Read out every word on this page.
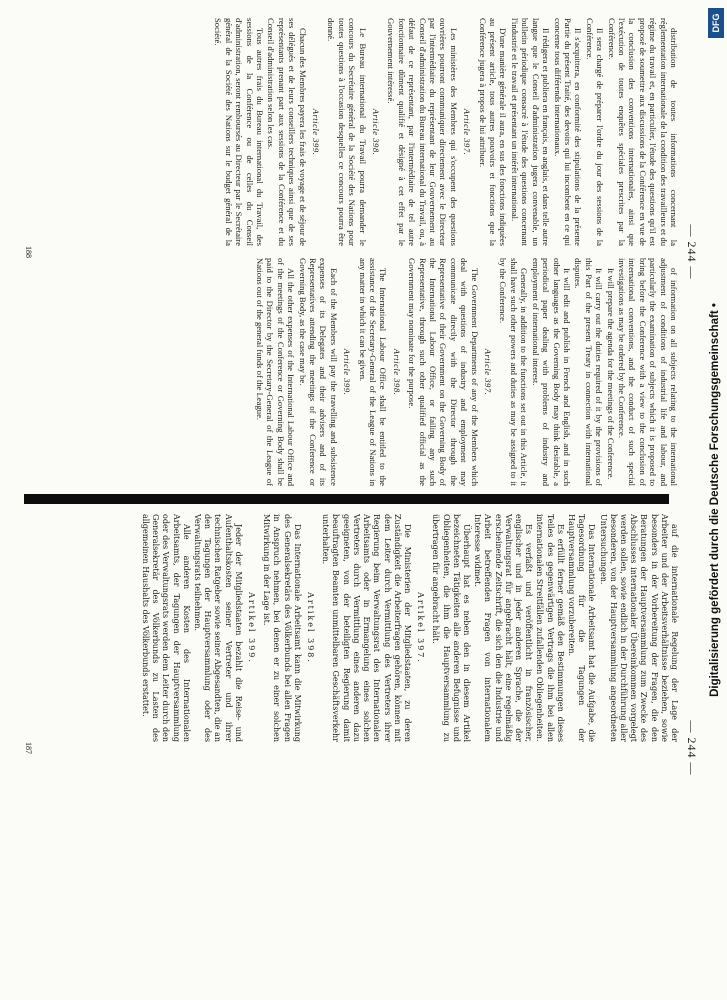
— 244 —

distribution de toutes informations concernant la réglementation internationale de la condition des travailleurs et du régime du travail et, en particulier, l'étude des questions qu'il est proposé de soumettre aux discussions de la Conférence en vue de la conclusion des conventions internationales, ainsi que l'exécution de toutes enquêtes spéciales prescrites par la Conférence.

Il sera chargé de préparer l'ordre du jour des sessions de la Conférence.

Il s'acquittera, en conformité des stipulations de la présente Partie du présent Traité, des devoirs qui lui incombent en ce qui concerne tous différends internationaux.

Il rédigera et publiera en français, en anglais, et dans telle autre langue que le Conseil d'administration jugera convenable, un bulletin périodique consacré à l'étude des questions concernant l'industrie et le travail et présentant un intérêt international.

D'une manière générale il aura, en sus des fonctions indiquées au présent article, tous autres pouvoirs et fonctions que la Conférence jugera à propos de lui attribuer.

Article 397.

Les ministères des Membres qui s'occupent des questions ouvrières pourront communiquer directement avec le Directeur par l'intermédiaire du représentant de leur Gouvernement au Conseil d'administration du Bureau international du Travail, ou, à défaut de ce représentant, par l'intermédiaire de tel autre fonctionnaire dûment qualifié et désigné à cet effet par le Gouvernement intéressé.

Article 398.

Le Bureau international du Travail pourra demander le concours du Secrétaire général de la Société des Nations pour toutes questions à l'occasion desquelles ce concours pourra être donné.

Article 399.

Chacun des Membres payera les frais de voyage et de séjour de ses délégués et de leurs conseillers techniques ainsi que de ses représentants prenant part aux sessions de la Conférence et du Conseil d'administration selon les cas.

Tous autres frais du Bureau international du Travail, des sessions de la Conférence ou de celles du Conseil d'administration, seront remboursés au Directeur par le Secrétaire général de la Société des Nations sur le budget général de la Société.

of information on all subjects relating to the international adjustment of conditions of industrial life and labour, and particularly the examination of subjects which it is proposed to bring before the Conference with a view to the conclusion of international conventions, and the conduct of such special investigations as may be ordered by the Conference.

It will prepare the agenda for the meetings of the Conference.

It will carry out the duties required of it by the provisions of this Part of the present Treaty in connection with international disputes.

It will edit and publish in French and English, and in such other languages as the Governing Body may think desirable, a periodical paper dealing with problems of industry and employment of international interest.

Generally, in addition to the functions set out in this Article, it shall have such other powers and duties as may be assigned to it by the Conference.

Article 397.

The Government Departments of any of the Members which deal with questions of industry and employment may communicate directly with the Director through the Representative of their Government on the Governing Body of the International Labour Office, or failing any such Representative, through such other qualified official as the Government may nominate for the purpose.

Article 398.

The International Labour Office shall be entitled to the assistance of the Secretary-General of the League of Nations in any matter in which it can be given.

Article 399.

Each of the Members will pay the travelling and subsistence expenses of its Delegates and their advisers and of its Representatives attending the meetings of the Conference or Governing Body, as the case may be.

All the other expenses of the International Labour Office and of the meetings of the Conference or Governing Body shall be paid to the Director by the Secretary-General of the League of Nations out of the general funds of the League.

188
— 244 —

auf die internationale Regelung der Lage der Arbeiter und der Arbeitsverhältnisse beziehen, sowie besonders in der Vorbereitung der Fragen, die den Beratungen der Hauptversammlung zum Zwecke des Abschlusses internationaler Übereinkommen vorgelegt werden sollen, sowie endlich in der Durchführung aller besonderen, von der Hauptversammlung angeordneten Untersuchungen.

Das Internationale Arbeitsamt hat die Aufgabe, die Tagesordnung für die Tagungen der Hauptversammlung vorzubereiten.

Es erfüllt ferner gemäß den Bestimmungen dieses Teiles des gegenwärtigen Vertrags die ihm bei allen internationalen Streitfällen zufallenden Obliegenheiten.

Es verfaßt und veröffentlicht in französischer, englischer und in jeder anderen Sprache, die der Verwaltungsrat für angebracht hält, eine regelmäßig erscheinende Zeitschrift, die sich den die Industrie und Arbeit betreffenden Fragen von internationalem Interesse widmet.

Überhaupt hat es neben den in diesem Artikel bezeichneten Tätigkeiten alle anderen Befugnisse und Obliegenheiten, die ihm die Hauptversammlung zu übertragen für angebracht hält.

Artikel 397.

Die Ministerien der Mitgliedstaaten, zu deren Zuständigkeit die Arbeiterfragen gehören, können mit dem Leiter durch Vermittlung des Vertreters ihrer Regierung beim Verwaltungsrat des Internationalen Arbeitsamts oder in Ermangelung eines solchen Vertreters durch Vermittlung eines anderen dazu geeigneten, von der beteiligten Regierung damit beauftragten Beamten unmittelbaren Geschäftsverkehr unterhalten.

Artikel 398.

Das Internationale Arbeitsamt kann die Mitwirkung des Generalsekretärs des Völkerbunds bei allen Fragen in Anspruch nehmen, bei denen er zu einer solchen Mitwirkung in der Lage ist.

Artikel 399.

Jeder der Mitgliedstaaten bezahlt die Reise- und Aufenthaltskosten seiner Vertreter und ihrer technischen Ratgeber sowie seiner Abgesandten, die an den Tagungen der Hauptversammlung oder des Verwaltungsrats teilnehmen.

Alle anderen Kosten des Internationalen Arbeitsamts, der Tagungen der Hauptversammlung oder des Verwaltungsrats werden dem Leiter durch den Generalsekretär des Völkerbunds zu Lasten des allgemeinen Haushalts des Völkerbunds erstattet.

187
DFG
Digitalisierung gefördert durch die Deutsche Forschungsgemeinschaft •
